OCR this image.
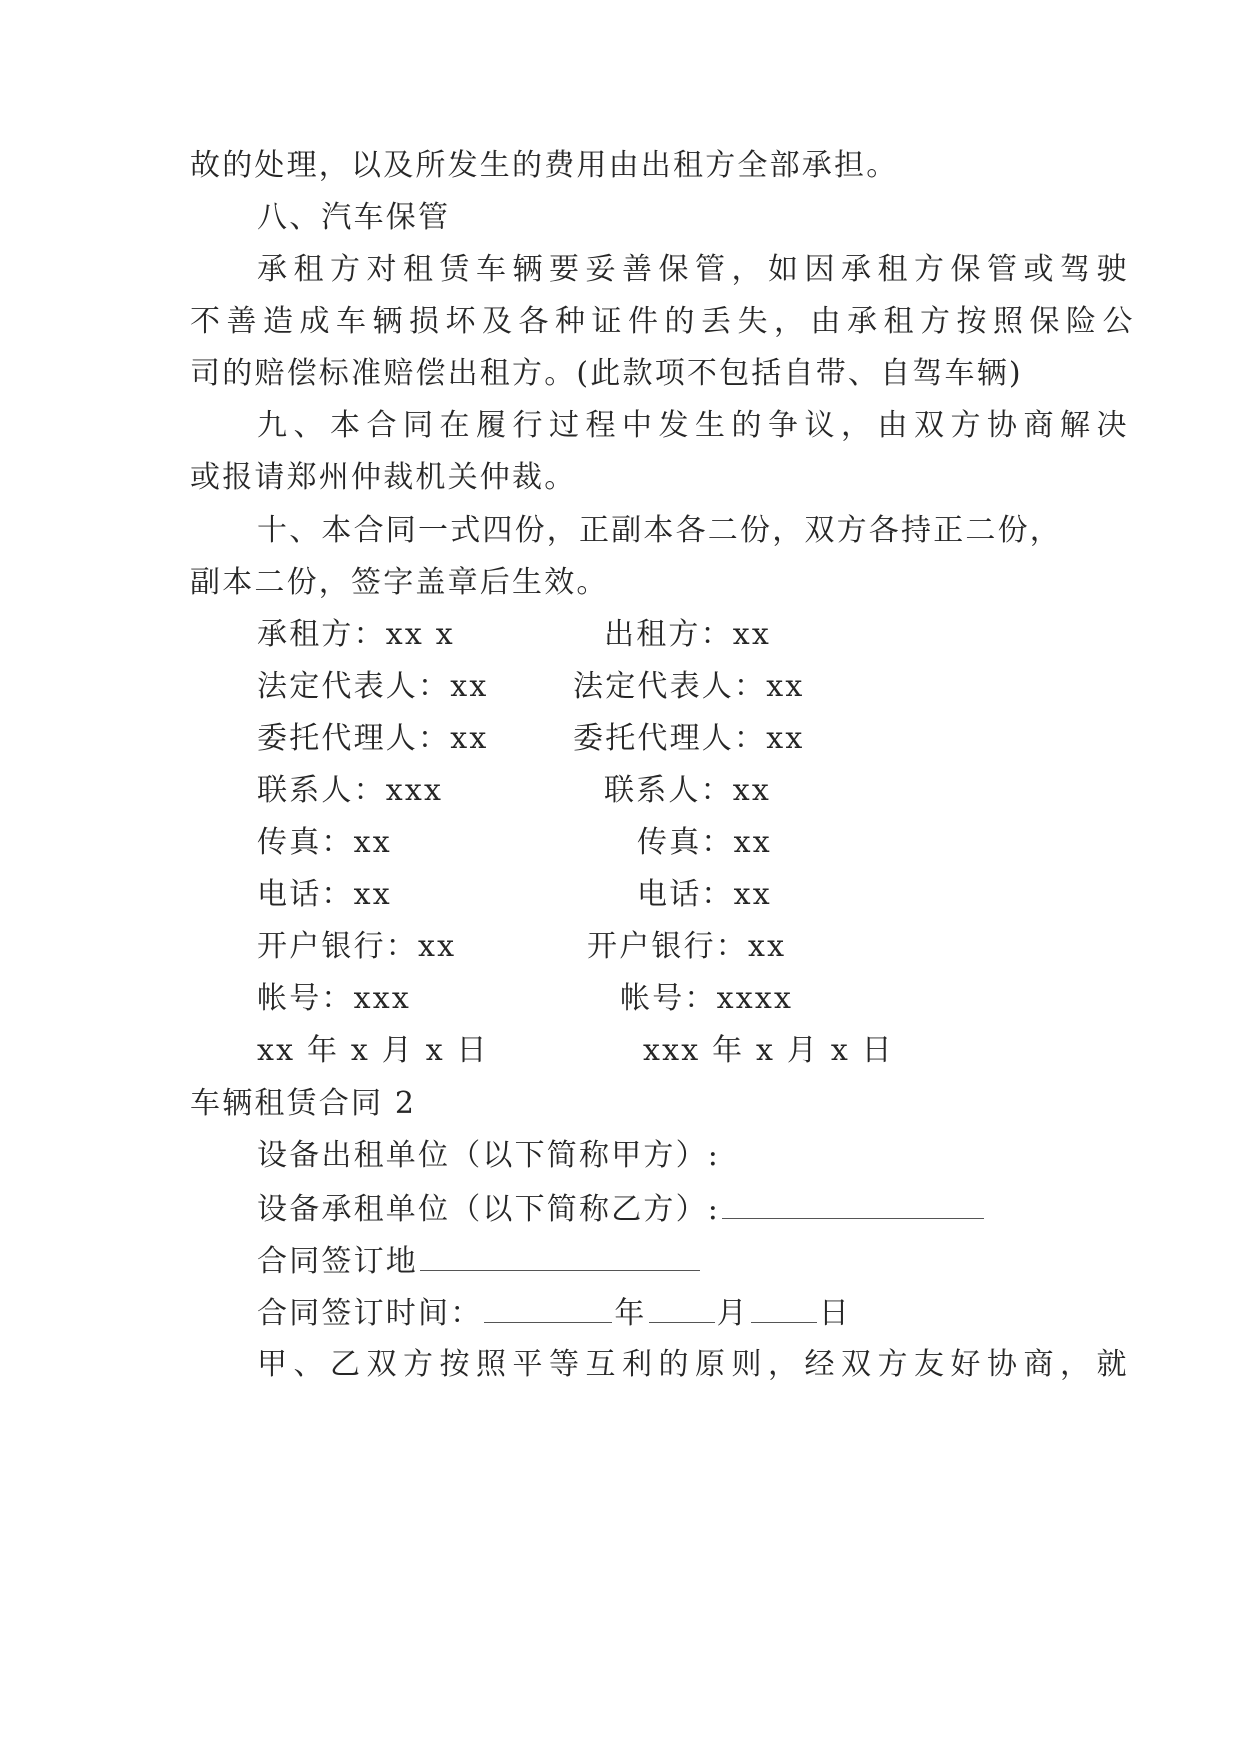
故的处理，以及所发生的费用由出租方全部承担。
八、汽车保管
承租方对租赁车辆要妥善保管，如因承租方保管或驾驶
不善造成车辆损坏及各种证件的丢失，由承租方按照保险公
司的赔偿标准赔偿出租方。(此款项不包括自带、自驾车辆)
九、本合同在履行过程中发生的争议，由双方协商解决
或报请郑州仲裁机关仲裁。
十、本合同一式四份，正副本各二份，双方各持正二份，
副本二份，签字盖章后生效。
承租方：xx x	出租方：xx
法定代表人：xx	法定代表人：xx
委托代理人：xx	委托代理人：xx
联系人：xxx	联系人：xx
传真：xx	传真：xx
电话：xx	电话：xx
开户银行：xx	开户银行：xx
帐号：xxx	帐号：xxxx
xx 年 x 月 x 日	xxx 年 x 月 x 日
车辆租赁合同 2
设备出租单位（以下简称甲方）:
设备承租单位（以下简称乙方）:
合同签订地
合同签订时间：	年 月 日
甲、乙双方按照平等互利的原则，经双方友好协商，就
